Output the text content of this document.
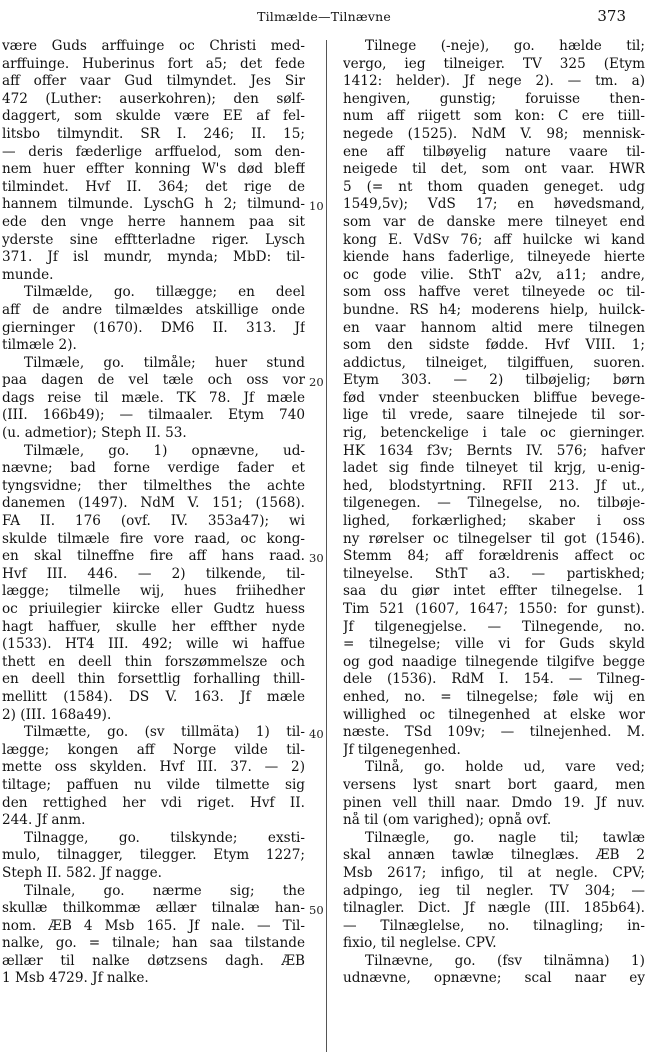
Tilmælde—Tilnævne	373
være Guds arffuinge oc Christi med-
arffuinge. Huberinus fort a5; det fede
aff offer vaar Gud tilmyndet. Jes Sir
472 (Luther: auserkohren); den sølf-
daggert, som skulde være EE af fel-
litsbo tilmyndit. SR I. 246; II. 15;
— deris fæderlige arffuelod, som den-
nem huer effter konning W's død bleff
tilmindet. Hvf II. 364; det rige de
hannem tilmunde. LyschG h 2; tilmund-
ede den vnge herre hannem paa sit
yderste sine efftterladne riger. Lysch
371. Jf isl mundr, mynda; MbD: til-
munde.
Tilmælde, go. tillægge; en deel
aff de andre tilmældes atskillige onde
gierninger (1670). DM6 II. 313. Jf
tilmæle 2).
Tilmæle, go. tilmåle; huer stund
paa dagen de vel tæle och oss vor
dags reise til mæle. TK 78. Jf mæle
(III. 166b49); — tilmaaler. Etym 740
(u. admetior); Steph II. 53.
Tilmæle, go. 1) opnævne, ud-
nævne; bad forne verdige fader et
tyngsvidne; ther tilmelthes the achte
danemen (1497). NdM V. 151; (1568).
FA II. 176 (ovf. IV. 353a47); wi
skulde tilmæle fire vore raad, oc kong-
en skal tilneffne fire aff hans raad.
Hvf III. 446. — 2) tilkende, til-
lægge; tilmelle wij, hues friihedher
oc priuilegier kiircke eller Gudtz huess
hagt haffuer, skulle her effther nyde
(1533). HT4 III. 492; wille wi haffue
thett en deell thin forszømmelsze och
en deell thin forsettlig forhalling thill-
mellitt (1584). DS V. 163. Jf mæle
2) (III. 168a49).
Tilmætte, go. (sv tillmäta) 1) til-
lægge; kongen aff Norge vilde til-
mette oss skylden. Hvf III. 37. — 2)
tiltage; paffuen nu vilde tilmette sig
den rettighed her vdi riget. Hvf II.
244. Jf anm.
Tilnagge, go. tilskynde; exsti-
mulo, tilnagger, tilegger. Etym 1227;
Steph II. 582. Jf nagge.
Tilnale, go. nærme sig; the
skullæ thilkommæ ællær tilnalæ han-
nom. ÆB 4 Msb 165. Jf nale. — Til-
nalke, go. = tilnale; han saa tilstande
ællær til nalke døtzsens dagh. ÆB
1 Msb 4729. Jf nalke.
Tilnege (-neje), go. hælde til;
vergo, ieg tilneiger. TV 325 (Etym
1412: helder). Jf nege 2). — tm. a)
hengiven, gunstig; foruisse then-
num aff riigett som kon: C ere tiill-
negede (1525). NdM V. 98; mennisk-
ene aff tilbøyelig nature vaare til-
neigede til det, som ont vaar. HWR
5 (= nt thom quaden geneget. udg
1549,5v); VdS 17; en høvedsmand,
som var de danske mere tilneyet end
kong E. VdSv 76; aff huilcke wi kand
kiende hans faderlige, tilneyede hierte
oc gode vilie. SthT a2v, a11; andre,
som oss haffve veret tilneyede oc til-
bundne. RS h4; moderens hielp, huilck-
en vaar hannom altid mere tilnegen
som den sidste fødde. Hvf VIII. 1;
addictus, tilneiget, tilgiffuen, suoren.
Etym 303. — 2) tilbøjelig; børn
fød vnder steenbucken bliffue bevege-
lige til vrede, saare tilnejede til sor-
rig, betenckelige i tale oc gierninger.
HK 1634 f3v; Bernts IV. 576; hafver
ladet sig finde tilneyet til krjg, u-enig-
hed, blodstyrtning. RFII 213. Jf ut.,
tilgenegen. — Tilnegelse, no. tilbøje-
lighed, forkærlighed; skaber i oss
ny rørelser oc tilnegelser til got (1546).
Stemm 84; aff forældrenis affect oc
tilneyelse. SthT a3. — partiskhed;
saa du giør intet effter tilnegelse. 1
Tim 521 (1607, 1647; 1550: for gunst).
Jf tilgenegjelse. — Tilnegende, no.
= tilnegelse; ville vi for Guds skyld
og god naadige tilnegende tilgifve begge
dele (1536). RdM I. 154. — Tilneg-
enhed, no. = tilnegelse; føle wij en
willighed oc tilnegenhed at elske wor
næste. TSd 109v; — tilnejenhed. M.
Jf tilgenegenhed.
Tilnå, go. holde ud, vare ved;
versens lyst snart bort gaard, men
pinen vell thill naar. Dmdo 19. Jf nuv.
nå til (om varighed); opnå ovf.
Tilnægle, go. nagle til; tawlæ
skal annæn tawlæ tilneglæs. ÆB 2
Msb 2617; infigo, til at negle. CPV;
adpingo, ieg til negler. TV 304; —
tilnagler. Dict. Jf nægle (III. 185b64).
— Tilnæglelse, no. tilnagling; in-
fixio, til neglelse. CPV.
Tilnævne, go. (fsv tilnämna) 1)
udnævne, opnævne; scal naar ey
10
20
30
40
50
